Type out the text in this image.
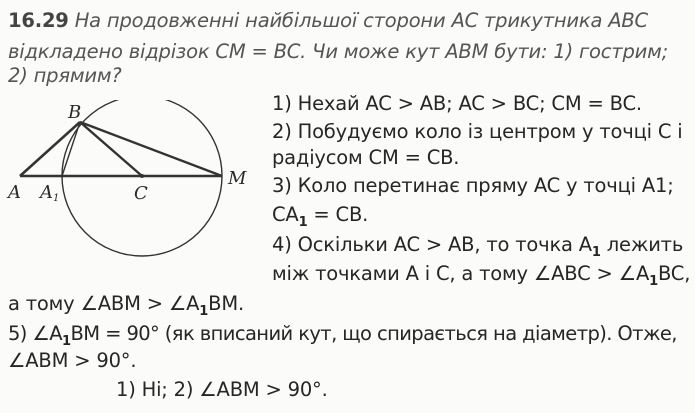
16.29 На продовженні найбільшої сторони AC трикутника ABC
відкладено відрізок CM = BC. Чи може кут ABM бути: 1) гострим;
2) прямим?
A A1
B
C
M
1) Нехай AC > AB; AC > BC; CM = BC.
2) Побудуємо коло із центром у точці C і
радіусом CM = CB.
3) Коло перетинає пряму AC у точці A1;
$CA_1$ = CB.
4) Оскільки AC > AB, то точка $A_1$ лежить
між точками A і C, а тому ∠ABC > $\angle A_1BC$,
а тому ∠ABM > $\angle A_1BM$.
5) $\angle A_1BM = 90^\circ$ (як вписаний кут, що спирається на діаметр). Отже,
∠ABM > 90°.
1) Ні; 2) ∠ABM > 90°.
